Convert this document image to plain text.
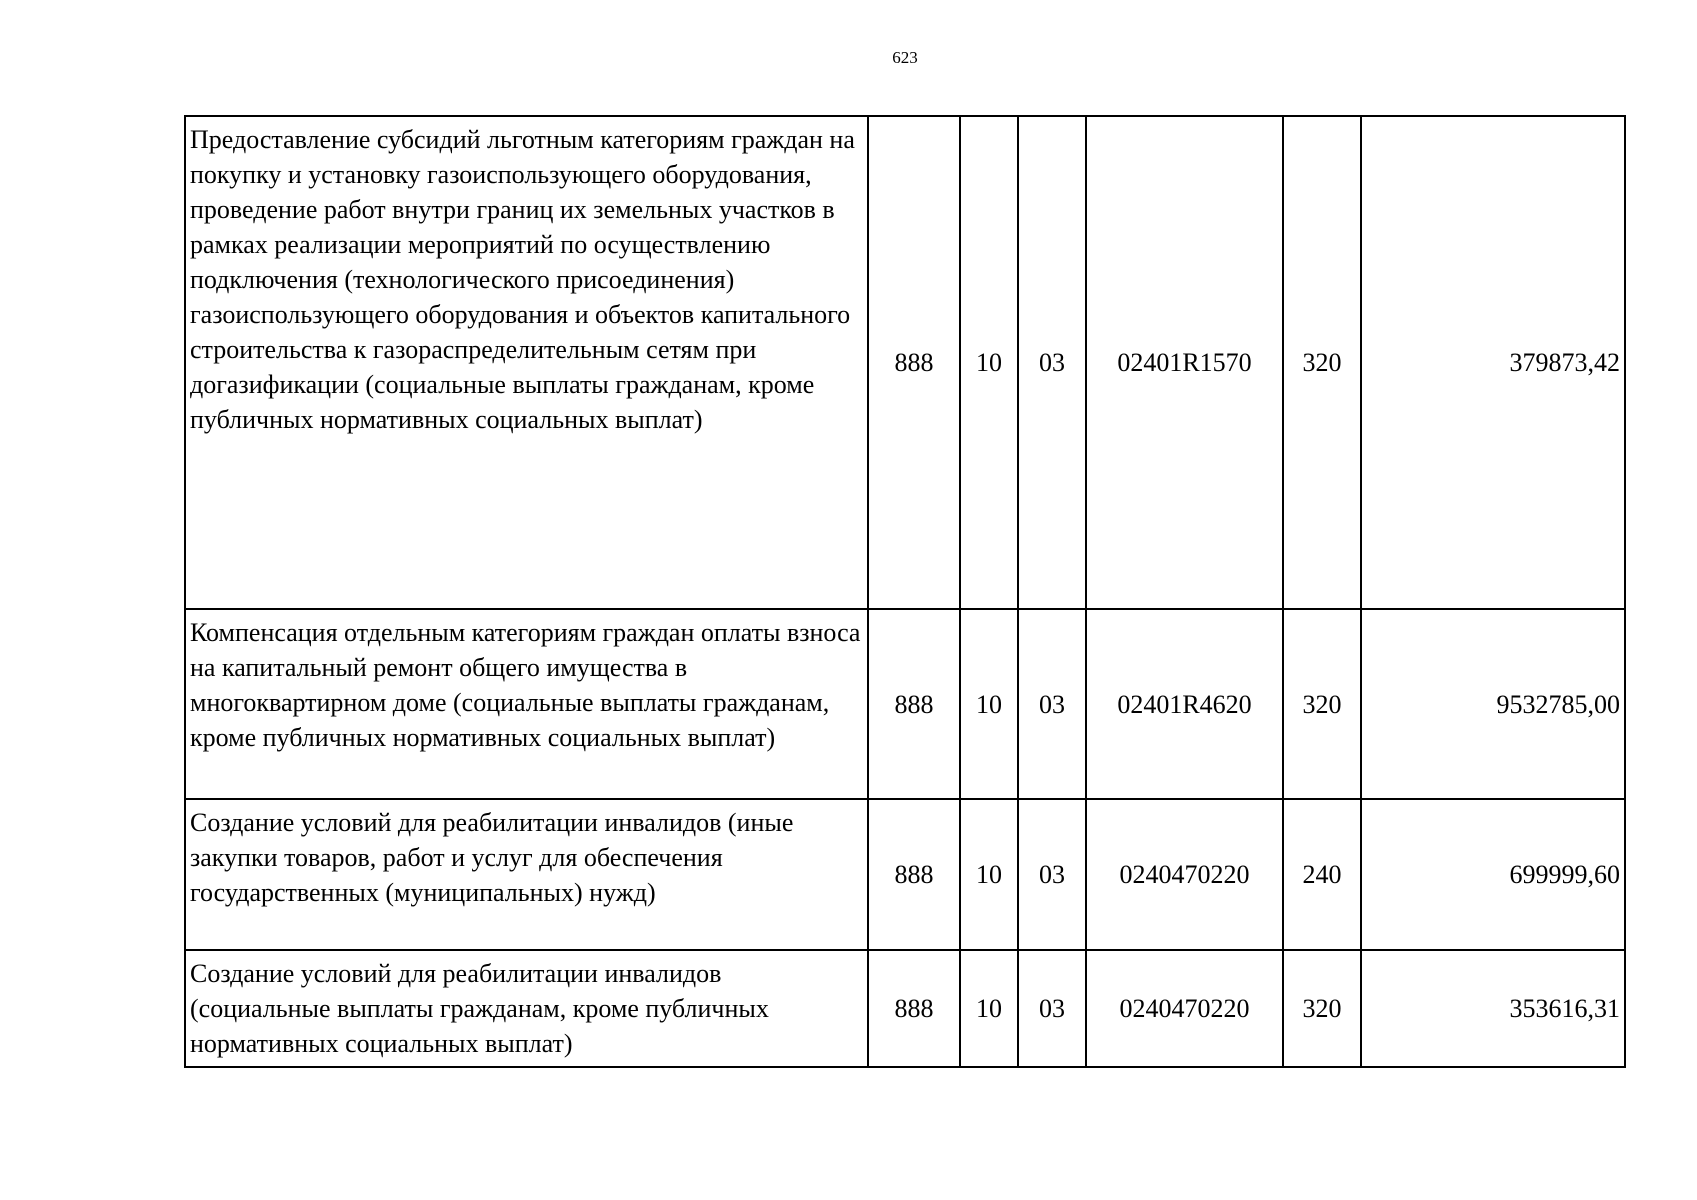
623
Предоставление субсидий льготным категориям граждан на покупку и установку газоиспользующего оборудования, проведение работ внутри границ их земельных участков в рамках реализации мероприятий по осуществлению подключения (технологического присоединения) газоиспользующего оборудования и объектов капитального строительства к газораспределительным сетям при догазификации (социальные выплаты гражданам, кроме публичных нормативных социальных выплат)	888	10	03	02401R1570	320	379873,42
Компенсация отдельным категориям граждан оплаты взноса на капитальный ремонт общего имущества в многоквартирном доме (социальные выплаты гражданам, кроме публичных нормативных социальных выплат)	888	10	03	02401R4620	320	9532785,00
Создание условий для реабилитации инвалидов (иные закупки товаров, работ и услуг для обеспечения государственных (муниципальных) нужд)	888	10	03	0240470220	240	699999,60
Создание условий для реабилитации инвалидов (социальные выплаты гражданам, кроме публичных нормативных социальных выплат)	888	10	03	0240470220	320	353616,31
